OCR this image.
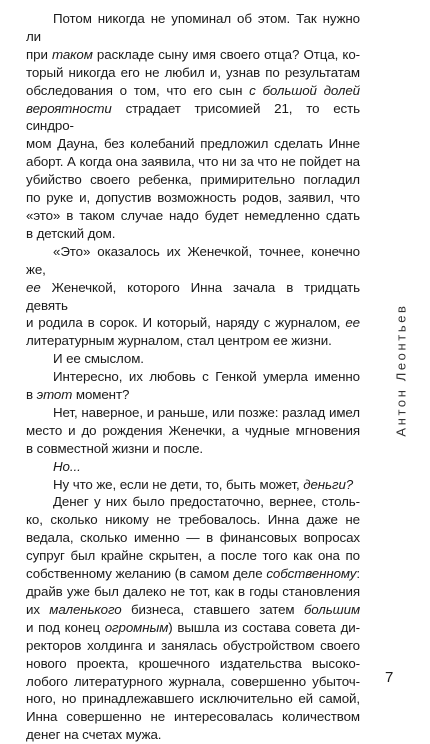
Потом никогда не упоминал об этом. Так нужно ли
при таком раскладе сыну имя своего отца? Отца, ко-
торый никогда его не любил и, узнав по результатам
обследования о том, что его сын с большой долей
вероятности страдает трисомией 21, то есть синдро-
мом Дауна, без колебаний предложил сделать Инне
аборт. А когда она заявила, что ни за что не пойдет на
убийство своего ребенка, примирительно погладил
по руке и, допустив возможность родов, заявил, что
«это» в таком случае надо будет немедленно сдать
в детский дом.

«Это» оказалось их Женечкой, точнее, конечно же,
ее Женечкой, которого Инна зачала в тридцать девять
и родила в сорок. И который, наряду с журналом, ее
литературным журналом, стал центром ее жизни.

И ее смыслом.

Интересно, их любовь с Генкой умерла именно
в этот момент?

Нет, наверное, и раньше, или позже: разлад имел
место и до рождения Женечки, а чудные мгновения
в совместной жизни и после.

Но...

Ну что же, если не дети, то, быть может, деньги?

Денег у них было предостаточно, вернее, столь-
ко, сколько никому не требовалось. Инна даже не
ведала, сколько именно — в финансовых вопросах
супруг был крайне скрытен, а после того как она по
собственному желанию (в самом деле собственному:
драйв уже был далеко не тот, как в годы становления
их маленького бизнеса, ставшего затем большим
и под конец огромным) вышла из состава совета ди-
ректоров холдинга и занялась обустройством своего
нового проекта, крошечного издательства высоко-
лобого литературного журнала, совершенно убыточ-
ного, но принадлежавшего исключительно ей самой,
Инна совершенно не интересовалась количеством
денег на счетах мужа.

Антон Леонтьев
7
